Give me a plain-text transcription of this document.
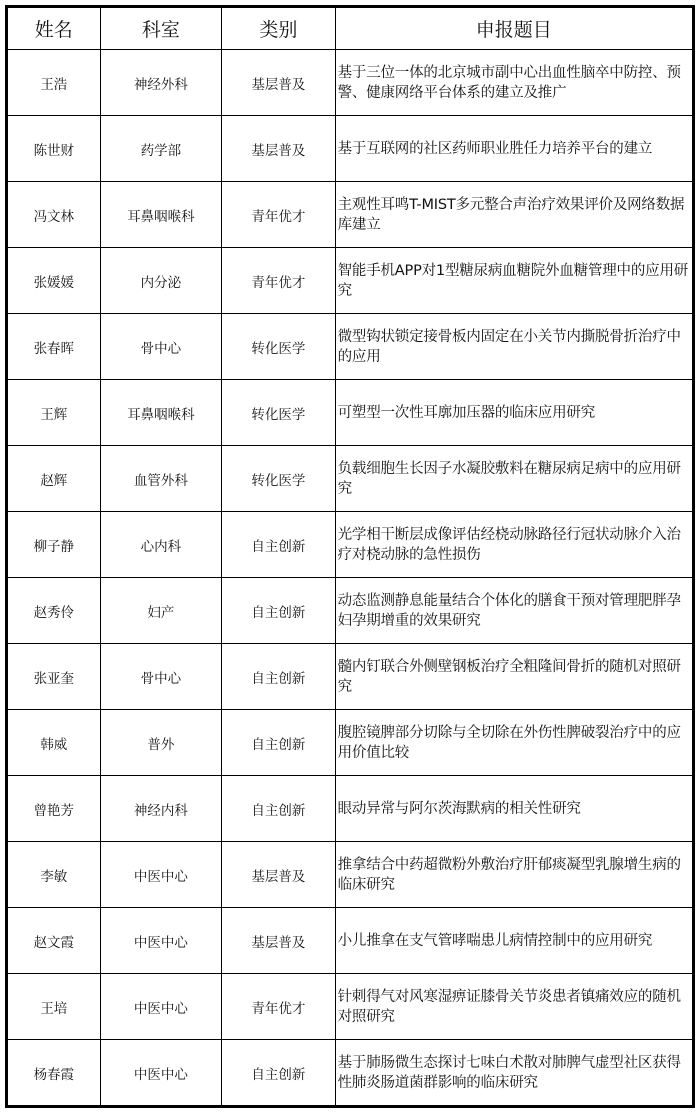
姓名	科室	类别	申报题目
王浩	神经外科	基层普及	基于三位一体的北京城市副中心出血性脑卒中防控、预警、健康网络平台体系的建立及推广
陈世财	药学部	基层普及	基于互联网的社区药师职业胜任力培养平台的建立
冯文林	耳鼻咽喉科	青年优才	主观性耳鸣T-MIST多元整合声治疗效果评价及网络数据库建立
张媛媛	内分泌	青年优才	智能手机APP对1型糖尿病血糖院外血糖管理中的应用研究
张春晖	骨中心	转化医学	微型钩状锁定接骨板内固定在小关节内撕脱骨折治疗中的应用
王辉	耳鼻咽喉科	转化医学	可塑型一次性耳廓加压器的临床应用研究
赵辉	血管外科	转化医学	负载细胞生长因子水凝胶敷料在糖尿病足病中的应用研究
柳子静	心内科	自主创新	光学相干断层成像评估经桡动脉路径行冠状动脉介入治疗对桡动脉的急性损伤
赵秀伶	妇产	自主创新	动态监测静息能量结合个体化的膳食干预对管理肥胖孕妇孕期增重的效果研究
张亚奎	骨中心	自主创新	髓内钉联合外侧壁钢板治疗全粗隆间骨折的随机对照研究
韩威	普外	自主创新	腹腔镜脾部分切除与全切除在外伤性脾破裂治疗中的应用价值比较
曾艳芳	神经内科	自主创新	眼动异常与阿尔茨海默病的相关性研究
李敏	中医中心	基层普及	推拿结合中药超微粉外敷治疗肝郁痰凝型乳腺增生病的临床研究
赵文霞	中医中心	基层普及	小儿推拿在支气管哮喘患儿病情控制中的应用研究
王培	中医中心	青年优才	针刺得气对风寒湿痹证膝骨关节炎患者镇痛效应的随机对照研究
杨春霞	中医中心	自主创新	基于肺肠微生态探讨七味白术散对肺脾气虚型社区获得性肺炎肠道菌群影响的临床研究
